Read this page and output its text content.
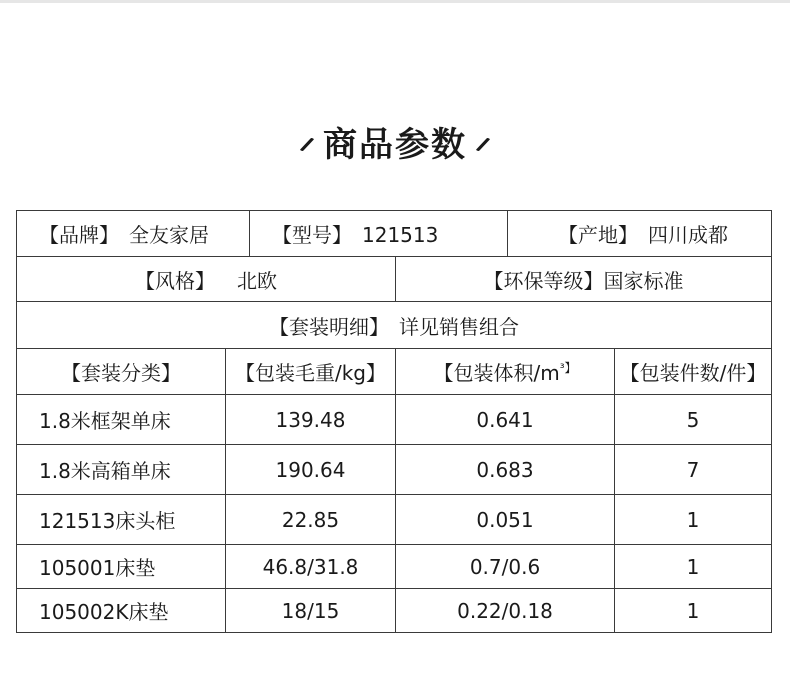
商品参数
【品牌】 全友家居		【型号】 121513		【产地】 四川成都	
【风格】 北欧			【环保等级】国家标准		
【套装明细】 详见销售组合					
【套装分类】	【包装毛重/kg】		【包装体积$/m^{^3】}$		【包装件数/件】
1.8米框架单床	139.48		0.641		5
1.8米高箱单床	190.64		0.683		7
121513床头柜	22.85		0.051		1
105001床垫	46.8/31.8		0.7/0.6		1
105002K床垫	18/15		0.22/0.18		1
